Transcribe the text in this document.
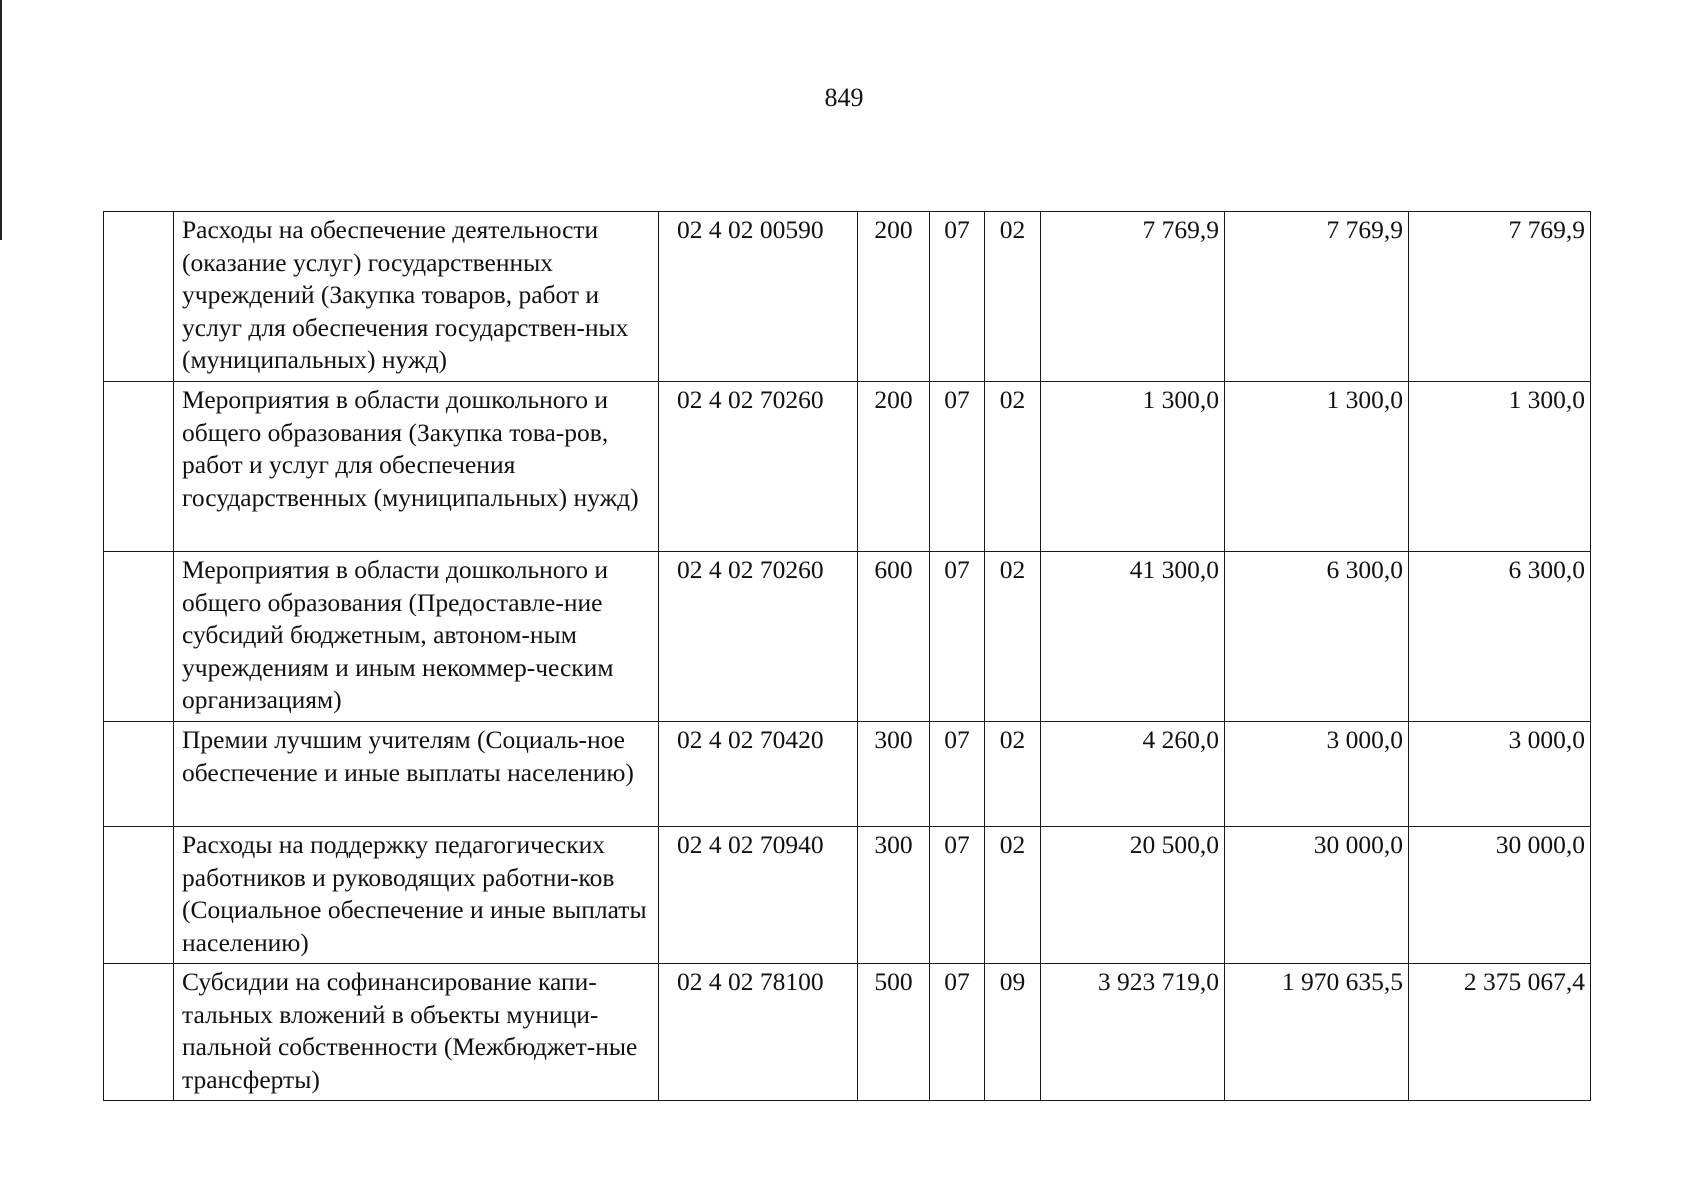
849
	Расходы на обеспечение деятельности (оказание услуг) государственных учреждений (Закупка товаров, работ и услуг для обеспечения государствен-ных (муниципальных) нужд)	02 4 02 00590	200	07	02	7 769,9	7 769,9	7 769,9
	Мероприятия в области дошкольного и общего образования (Закупка това-ров, работ и услуг для обеспечения государственных (муниципальных) нужд)	02 4 02 70260	200	07	02	1 300,0	1 300,0	1 300,0
	Мероприятия в области дошкольного и общего образования (Предоставле-ние субсидий бюджетным, автоном-ным учреждениям и иным некоммер-ческим организациям)	02 4 02 70260	600	07	02	41 300,0	6 300,0	6 300,0
	Премии лучшим учителям (Социаль-ное обеспечение и иные выплаты населению)	02 4 02 70420	300	07	02	4 260,0	3 000,0	3 000,0
	Расходы на поддержку педагогических работников и руководящих работни-ков (Социальное обеспечение и иные выплаты населению)	02 4 02 70940	300	07	02	20 500,0	30 000,0	30 000,0
	Субсидии на софинансирование капи-тальных вложений в объекты муници-пальной собственности (Межбюджет-ные трансферты)	02 4 02 78100	500	07	09	3 923 719,0	1 970 635,5	2 375 067,4
